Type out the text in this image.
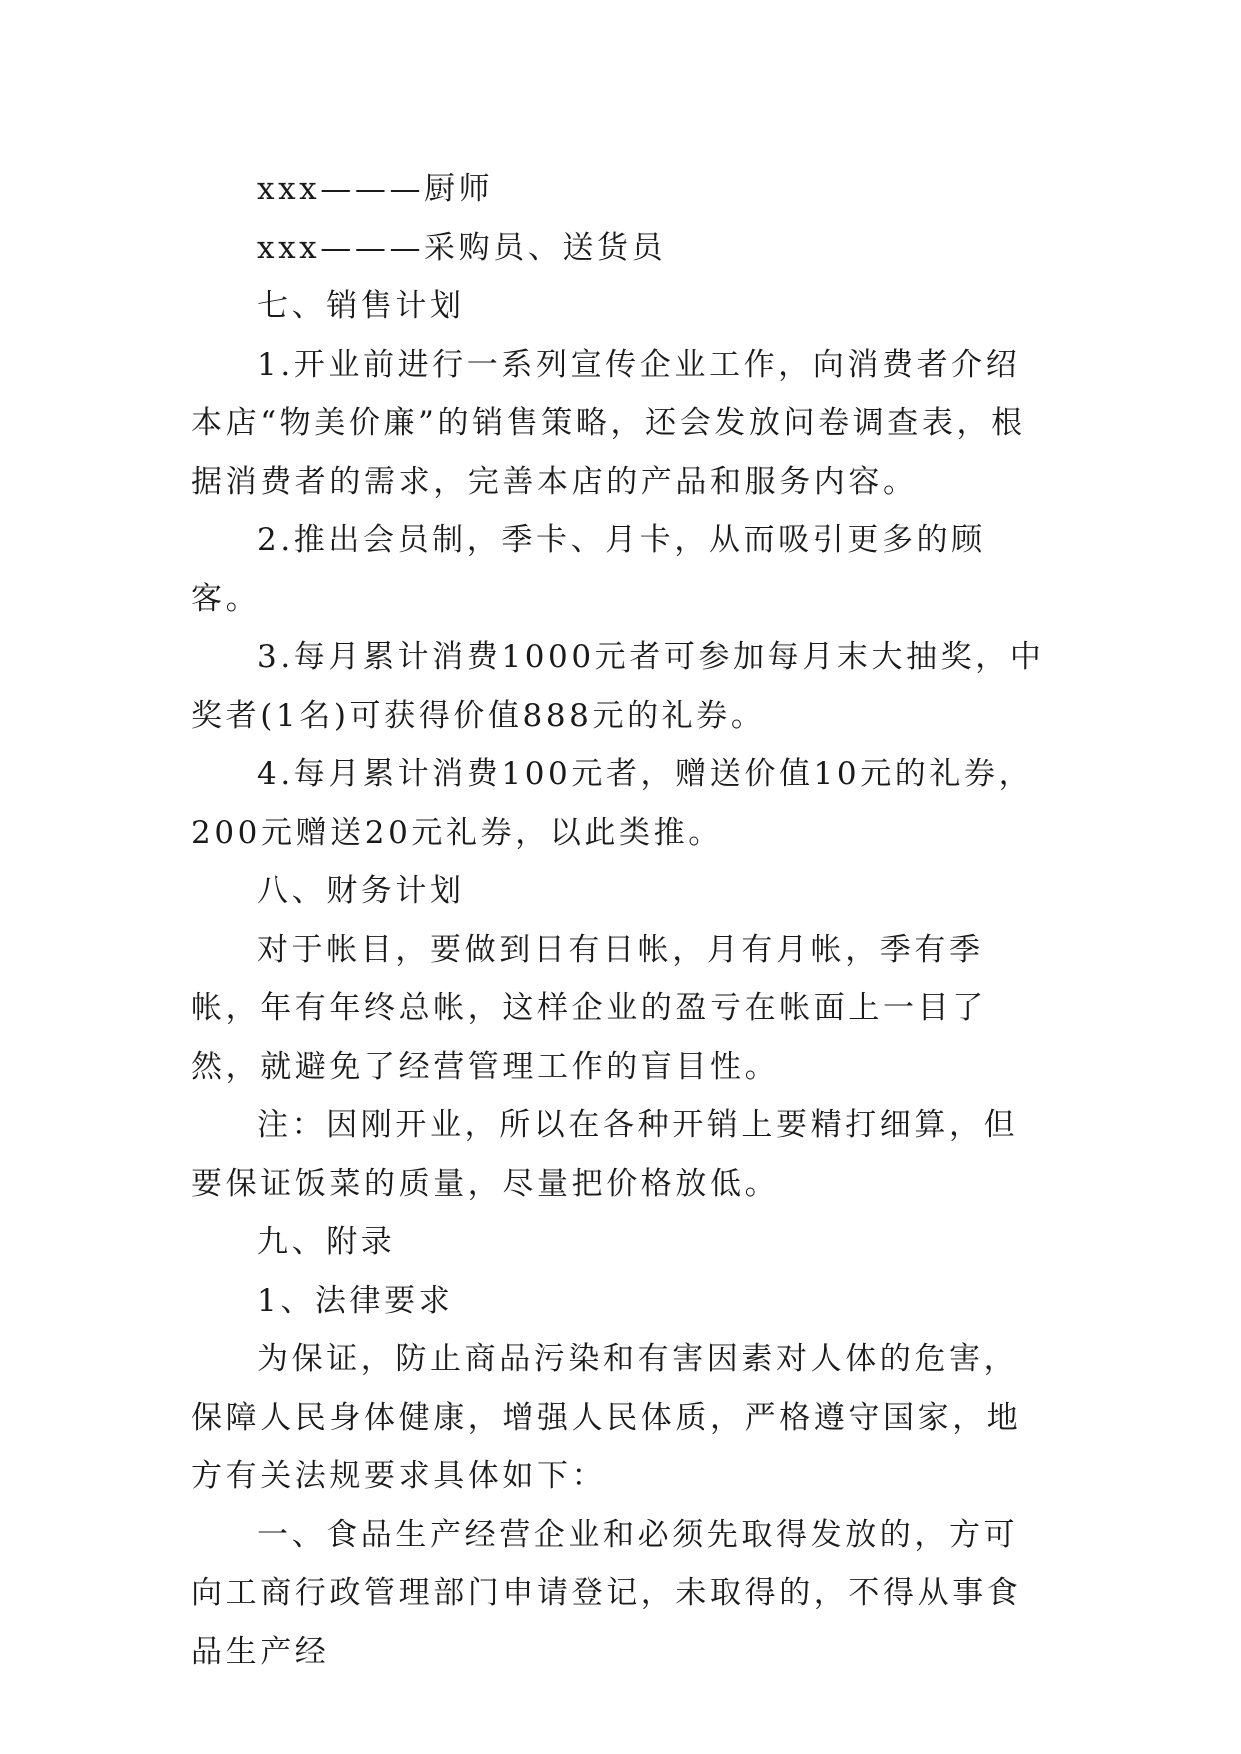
xxx———厨师

xxx———采购员、送货员

七、销售计划

1.开业前进行一系列宣传企业工作，向消费者介绍本店“物美价廉”的销售策略，还会发放问卷调查表，根据消费者的需求，完善本店的产品和服务内容。

2.推出会员制，季卡、月卡，从而吸引更多的顾客。

3.每月累计消费1000元者可参加每月末大抽奖，中奖者(1名)可获得价值888元的礼券。

4.每月累计消费100元者，赠送价值10元的礼券，200元赠送20元礼券，以此类推。

八、财务计划

对于帐目，要做到日有日帐，月有月帐，季有季帐，年有年终总帐，这样企业的盈亏在帐面上一目了然，就避免了经营管理工作的盲目性。

注：因刚开业，所以在各种开销上要精打细算，但要保证饭菜的质量，尽量把价格放低。

九、附录

1、法律要求

为保证，防止商品污染和有害因素对人体的危害，保障人民身体健康，增强人民体质，严格遵守国家，地方有关法规要求具体如下：

一、食品生产经营企业和必须先取得发放的，方可向工商行政管理部门申请登记，未取得的，不得从事食品生产经
